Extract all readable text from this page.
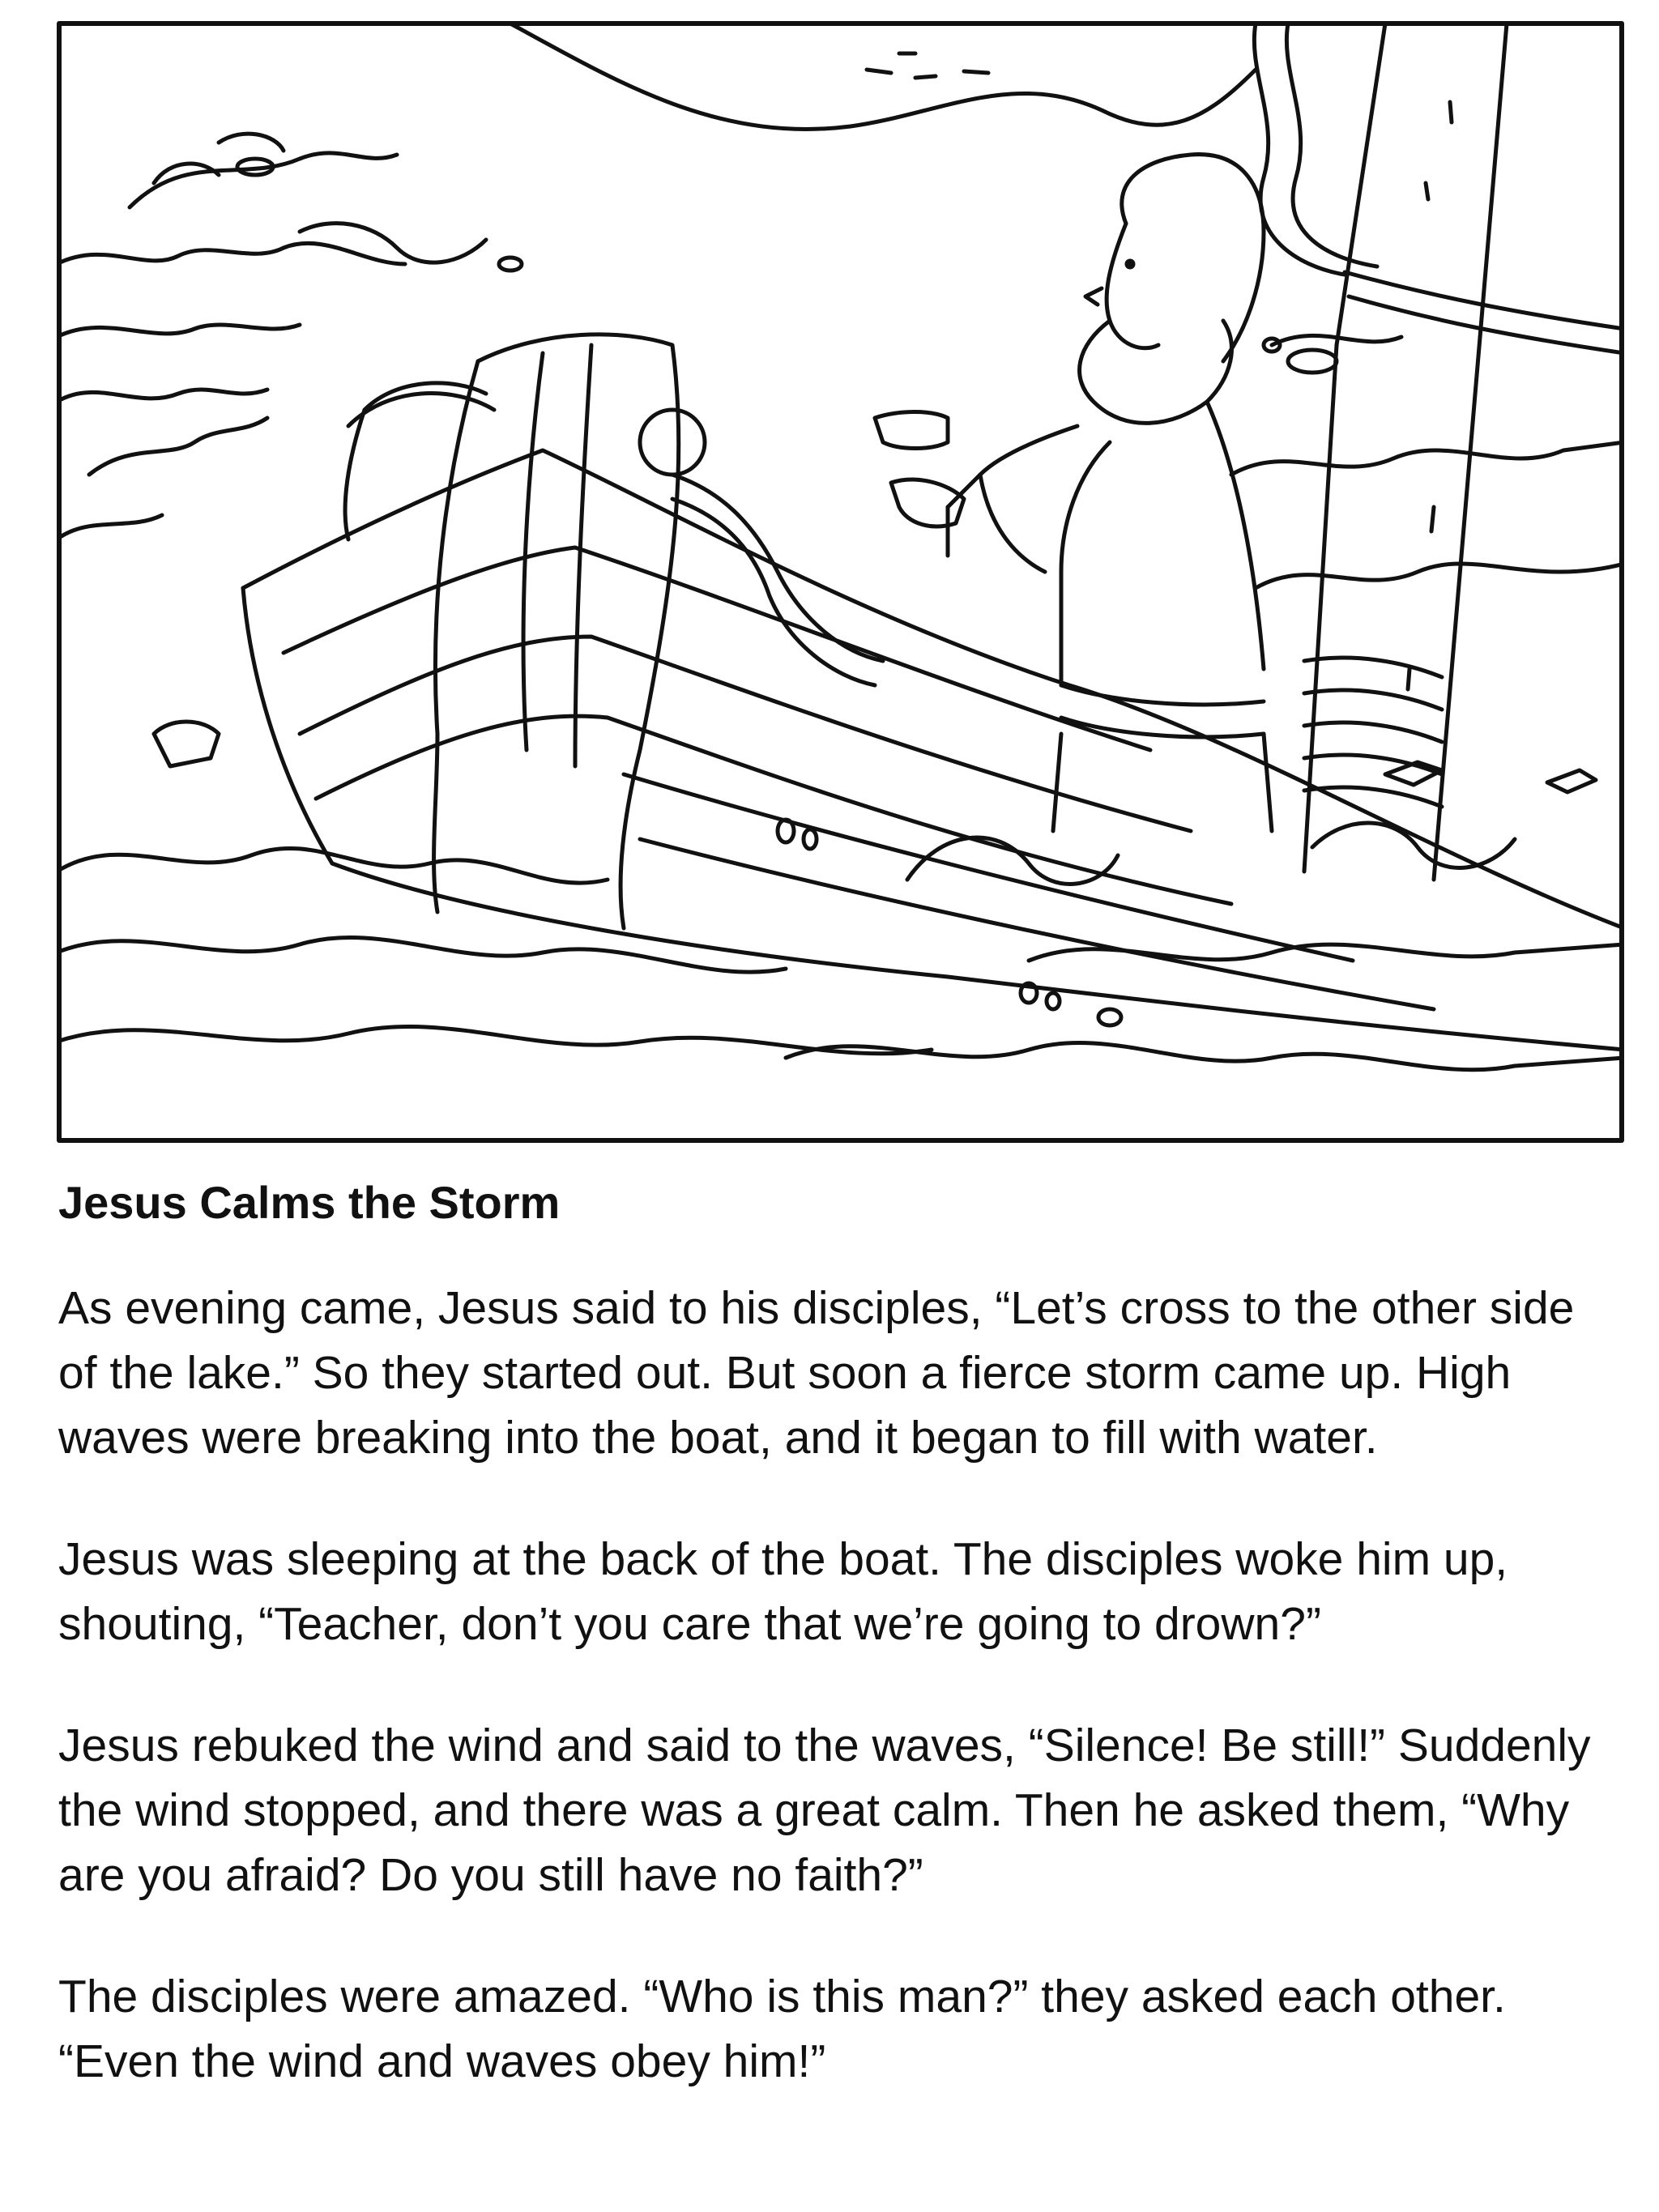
Jesus Calms the Storm

As evening came, Jesus said to his disciples, “Let’s cross to the other side of the lake.” So they started out. But soon a fierce storm came up. High waves were breaking into the boat, and it began to fill with water.

Jesus was sleeping at the back of the boat. The disciples woke him up, shouting, “Teacher, don’t you care that we’re going to drown?”

Jesus rebuked the wind and said to the waves, “Silence! Be still!” Suddenly the wind stopped, and there was a great calm. Then he asked them, “Why are you afraid? Do you still have no faith?”

The disciples were amazed. “Who is this man?” they asked each other. “Even the wind and waves obey him!”
